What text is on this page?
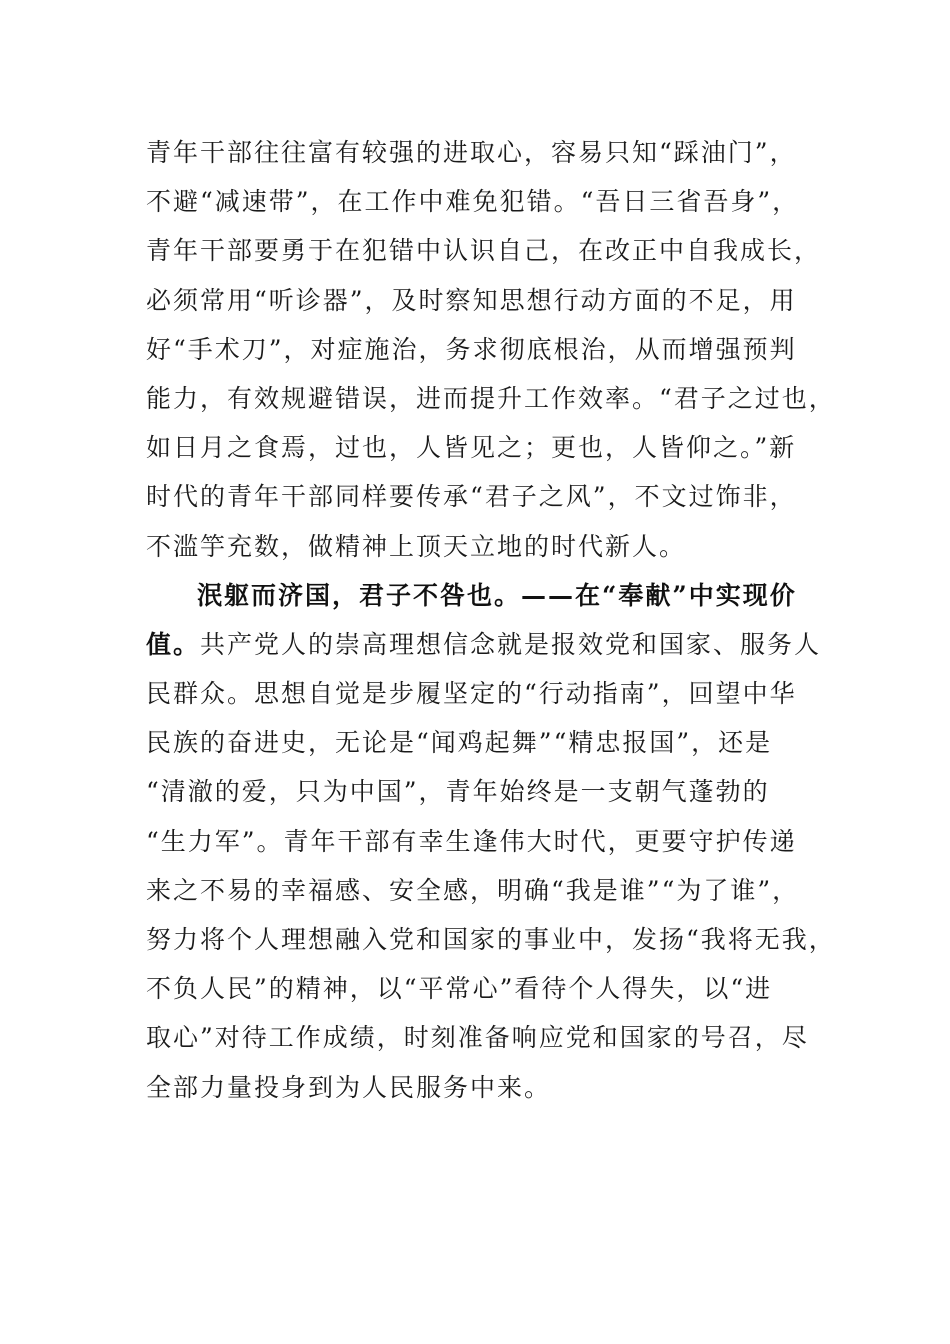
青年干部往往富有较强的进取心，容易只知“踩油门”，
不避“减速带”，在工作中难免犯错。“吾日三省吾身”，
青年干部要勇于在犯错中认识自己，在改正中自我成长，
必须常用“听诊器”，及时察知思想行动方面的不足，用
好“手术刀”，对症施治，务求彻底根治，从而增强预判
能力，有效规避错误，进而提升工作效率。“君子之过也，
如日月之食焉，过也，人皆见之；更也，人皆仰之。”新
时代的青年干部同样要传承“君子之风”，不文过饰非，
不滥竽充数，做精神上顶天立地的时代新人。
泯躯而济国，君子不咎也。——在“奉献”中实现价
值。共产党人的崇高理想信念就是报效党和国家、服务人
民群众。思想自觉是步履坚定的“行动指南”，回望中华
民族的奋进史，无论是“闻鸡起舞”“精忠报国”，还是
“清澈的爱，只为中国”，青年始终是一支朝气蓬勃的
“生力军”。青年干部有幸生逢伟大时代，更要守护传递
来之不易的幸福感、安全感，明确“我是谁”“为了谁”，
努力将个人理想融入党和国家的事业中，发扬“我将无我，
不负人民”的精神，以“平常心”看待个人得失，以“进
取心”对待工作成绩，时刻准备响应党和国家的号召，尽
全部力量投身到为人民服务中来。
